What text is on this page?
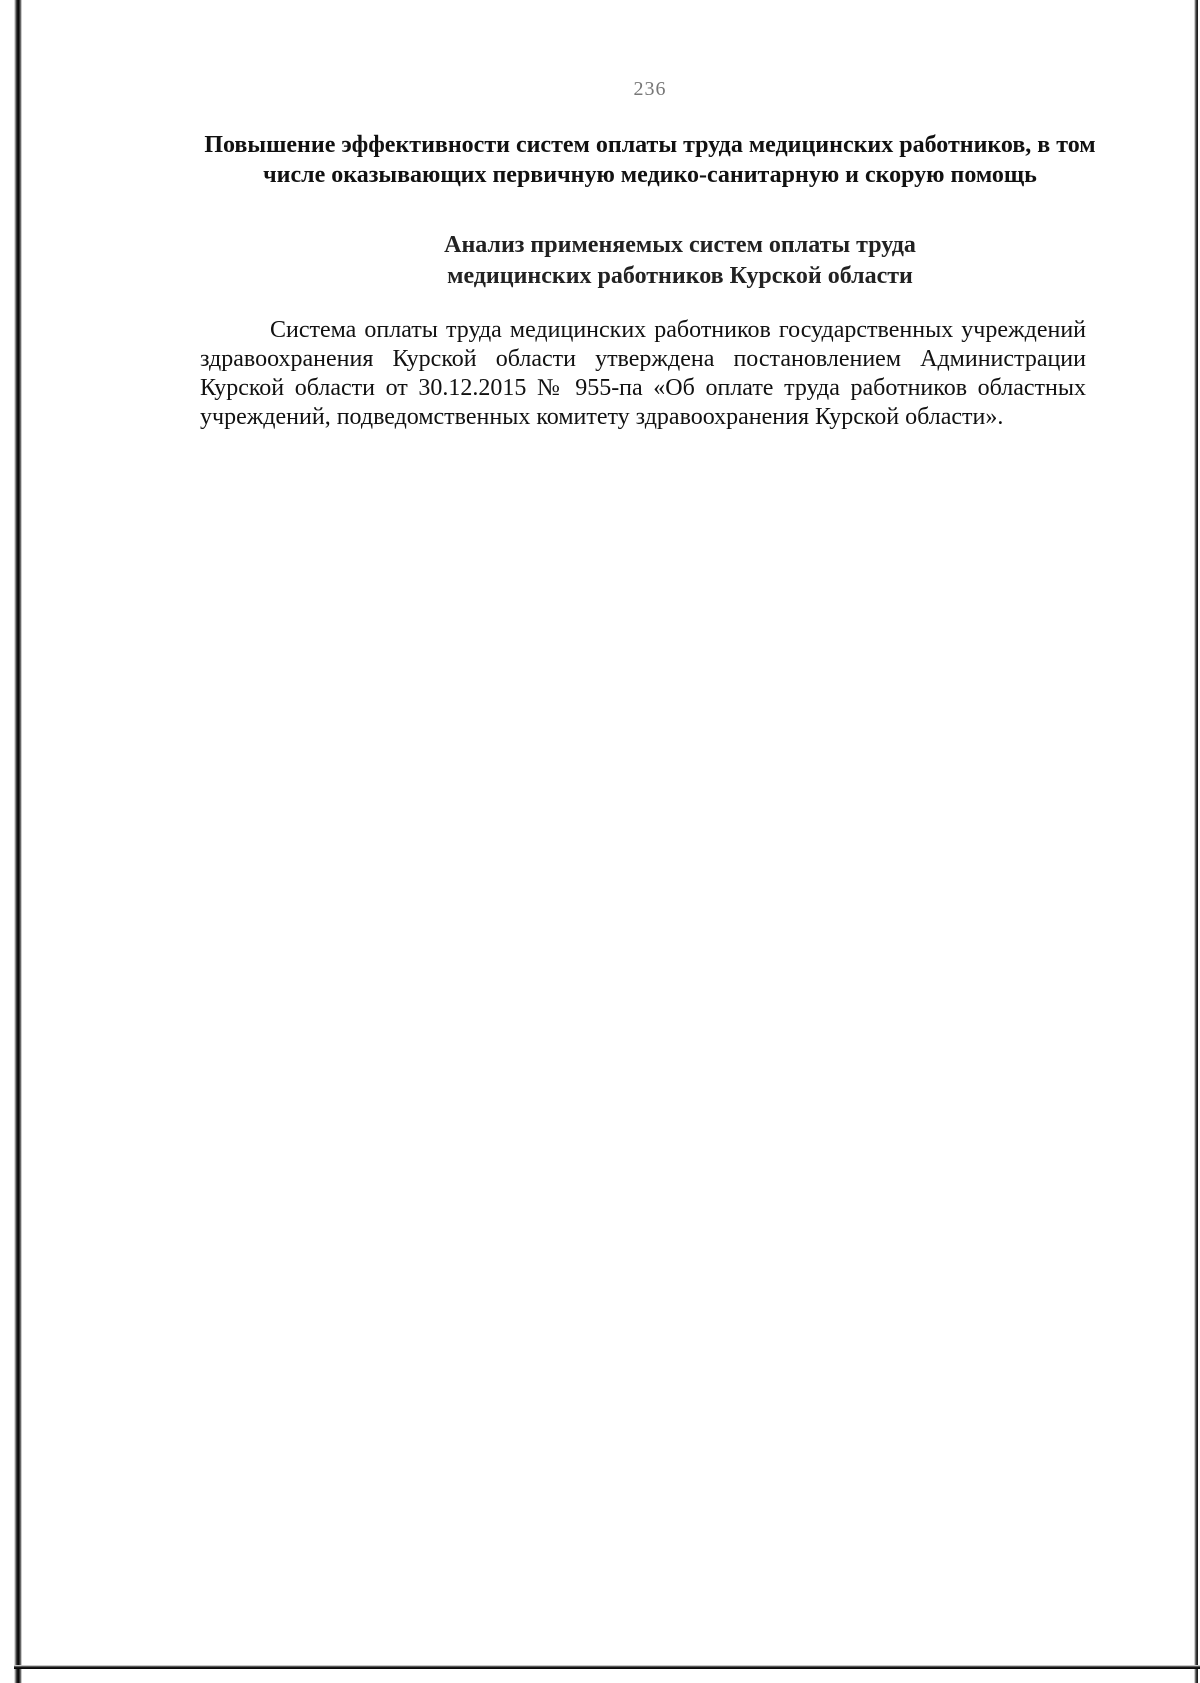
236
Повышение эффективности систем оплаты труда медицинских работников, в том числе оказывающих первичную медико-санитарную и скорую помощь
Анализ применяемых систем оплаты труда медицинских работников Курской области

Система оплаты труда медицинских работников государственных учреждений здравоохранения Курской области утверждена постановлением Администрации Курской области от 30.12.2015 № 955-па «Об оплате труда работников областных учреждений, подведомственных комитету здравоохранения Курской области».
